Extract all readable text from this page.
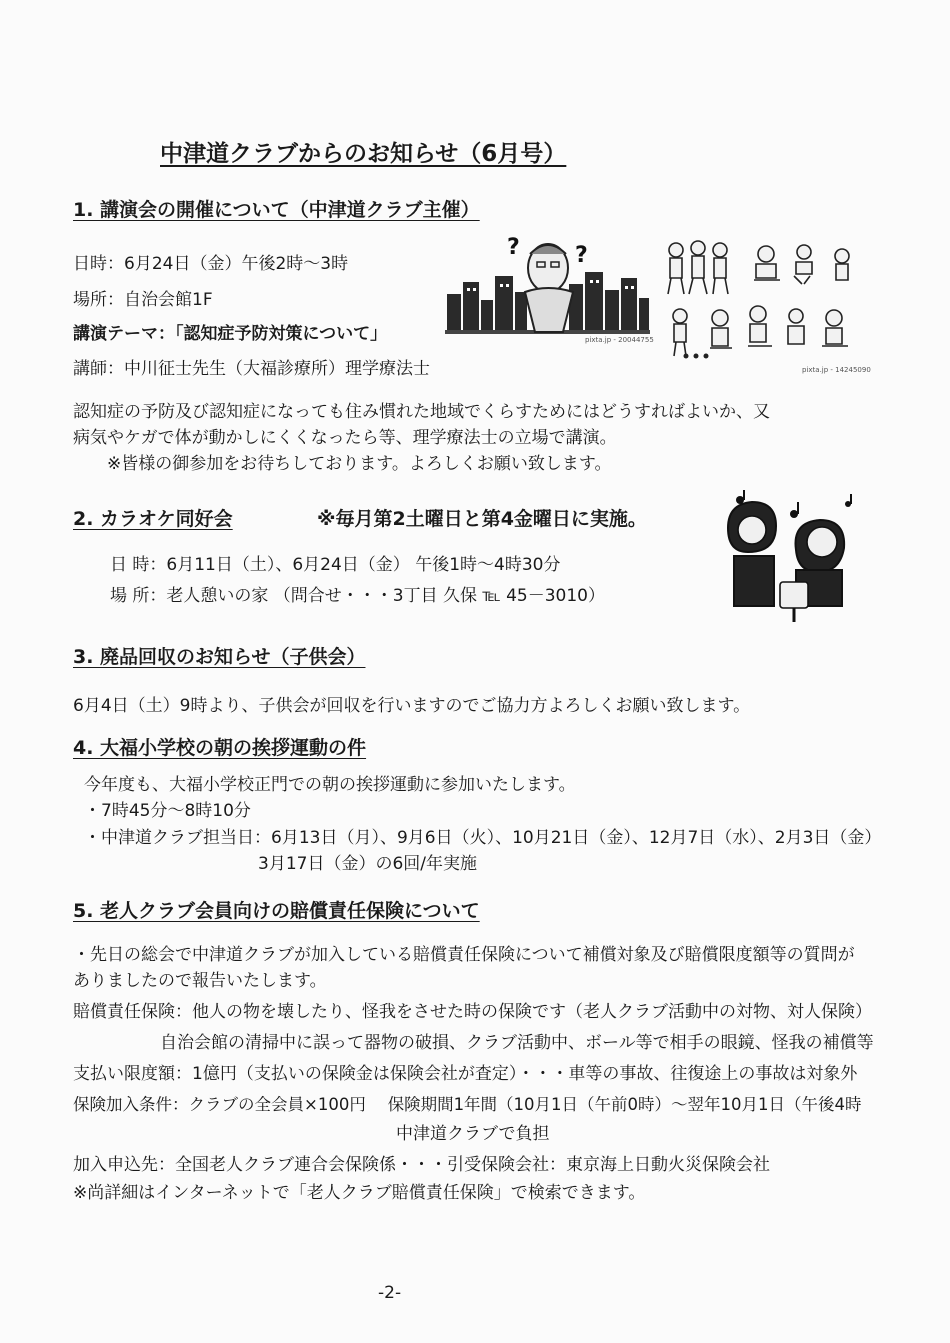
中津道クラブからのお知らせ（6月号）
1. 講演会の開催について（中津道クラブ主催）
日時：6月24日（金）午後2時～3時
場所：自治会館1F
講演テーマ：「認知症予防対策について」
講師：中川征士先生（大福診療所）理学療法士
認知症の予防及び認知症になっても住み慣れた地域でくらすためにはどうすればよいか、又
病気やケガで体が動かしにくくなったら等、理学療法士の立場で講演。
※皆様の御参加をお待ちしております。よろしくお願い致します。
?	?
pixta.jp - 20044755
pixta.jp - 14245090
2. カラオケ同好会	※毎月第2土曜日と第4金曜日に実施。
日 時：6月11日（土）、6月24日（金） 午後1時～4時30分
場 所：老人憩いの家 （問合せ・・・3丁目 久保 ℡ 45－3010）
3. 廃品回収のお知らせ（子供会）
6月4日（土）9時より、子供会が回収を行いますのでご協力方よろしくお願い致します。
4. 大福小学校の朝の挨拶運動の件
今年度も、大福小学校正門での朝の挨拶運動に参加いたします。
・7時45分～8時10分
・中津道クラブ担当日：6月13日（月）、9月6日（火）、10月21日（金）、12月7日（水）、2月3日（金）
3月17日（金）の6回/年実施
5. 老人クラブ会員向けの賠償責任保険について
・先日の総会で中津道クラブが加入している賠償責任保険について補償対象及び賠償限度額等の質問が
ありましたので報告いたします。
賠償責任保険：他人の物を壊したり、怪我をさせた時の保険です（老人クラブ活動中の対物、対人保険）
自治会館の清掃中に誤って器物の破損、クラブ活動中、ボール等で相手の眼鏡、怪我の補償等
支払い限度額：1億円（支払いの保険金は保険会社が査定）・・・車等の事故、往復途上の事故は対象外
保険加入条件：クラブの全会員×100円　 保険期間1年間（10月1日（午前0時）～翌年10月1日（午後4時
中津道クラブで負担
加入申込先：全国老人クラブ連合会保険係・・・引受保険会社：東京海上日動火災保険会社
※尚詳細はインターネットで「老人クラブ賠償責任保険」で検索できます。
-2-
